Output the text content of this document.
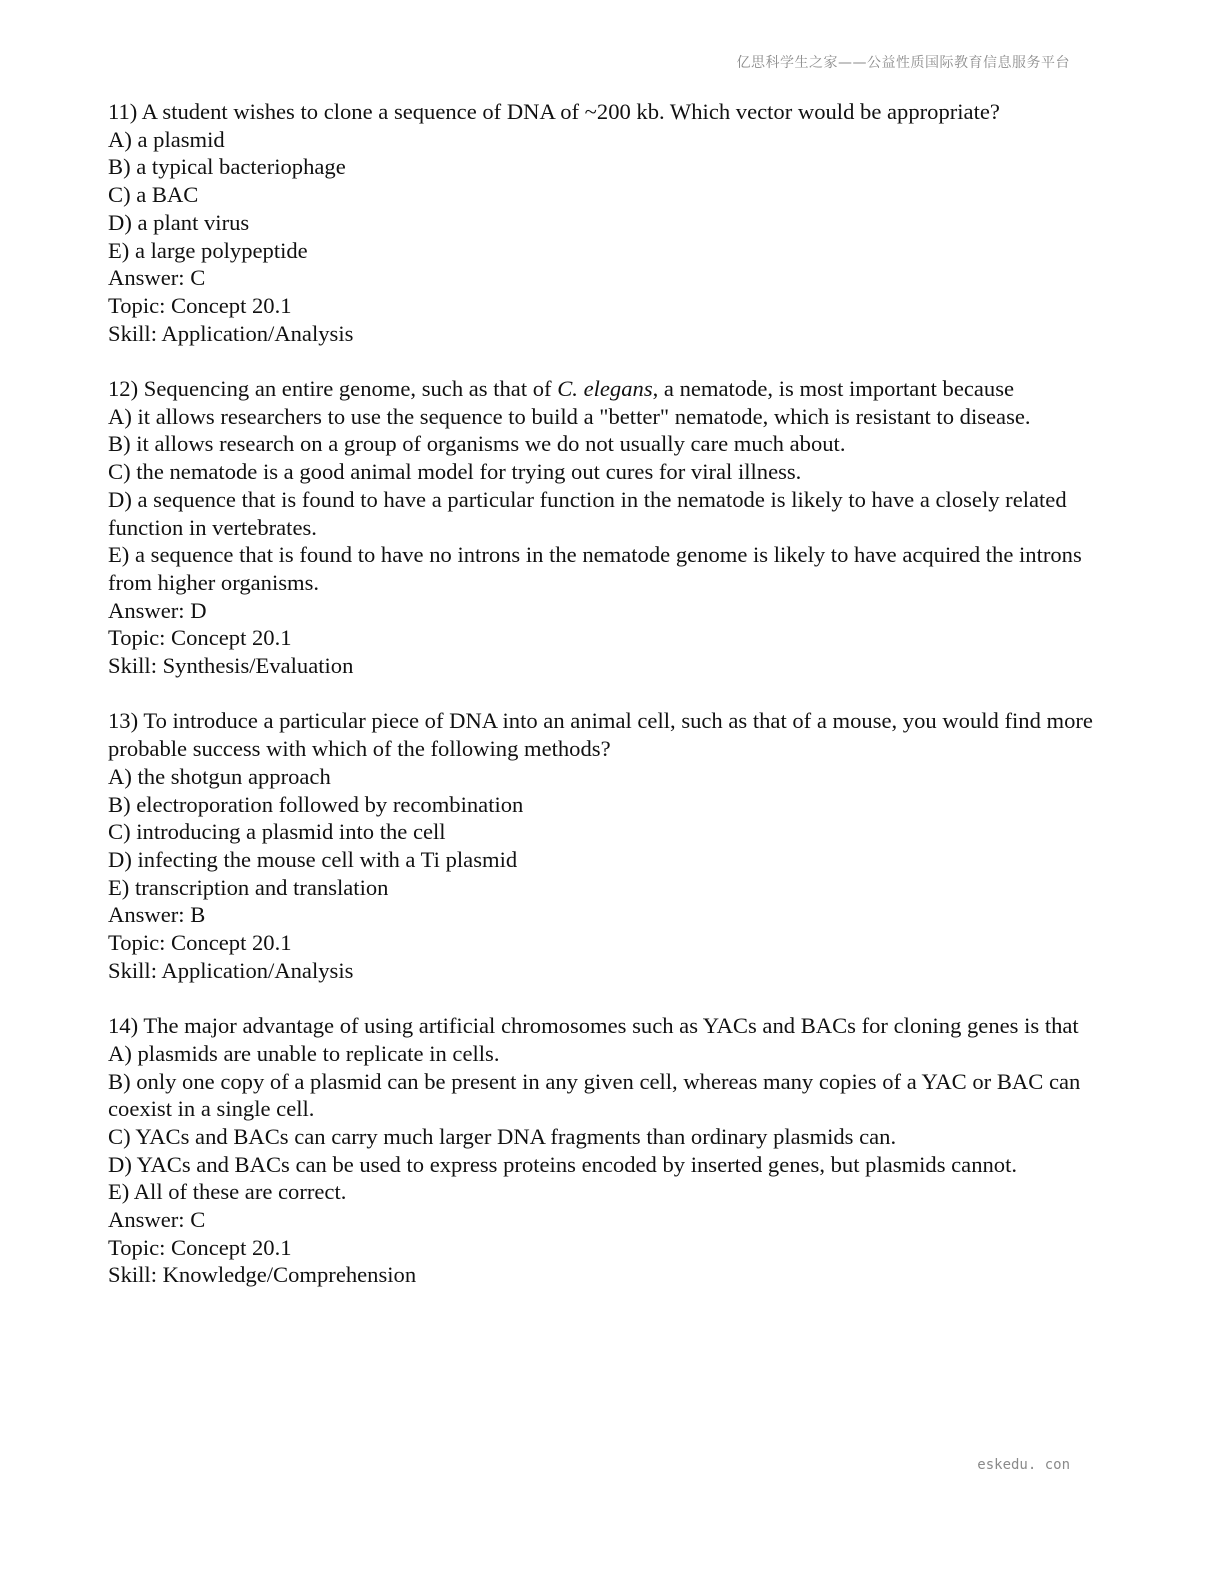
亿思科学生之家——公益性质国际教育信息服务平台
11) A student wishes to clone a sequence of DNA of ~200 kb. Which vector would be appropriate?
A) a plasmid
B) a typical bacteriophage
C) a BAC
D) a plant virus
E) a large polypeptide
Answer: C
Topic: Concept 20.1
Skill: Application/Analysis
12) Sequencing an entire genome, such as that of C. elegans, a nematode, is most important because
A) it allows researchers to use the sequence to build a "better" nematode, which is resistant to disease.
B) it allows research on a group of organisms we do not usually care much about.
C) the nematode is a good animal model for trying out cures for viral illness.
D) a sequence that is found to have a particular function in the nematode is likely to have a closely related function in vertebrates.
E) a sequence that is found to have no introns in the nematode genome is likely to have acquired the introns from higher organisms.
Answer: D
Topic: Concept 20.1
Skill: Synthesis/Evaluation
13) To introduce a particular piece of DNA into an animal cell, such as that of a mouse, you would find more probable success with which of the following methods?
A) the shotgun approach
B) electroporation followed by recombination
C) introducing a plasmid into the cell
D) infecting the mouse cell with a Ti plasmid
E) transcription and translation
Answer: B
Topic: Concept 20.1
Skill: Application/Analysis
14) The major advantage of using artificial chromosomes such as YACs and BACs for cloning genes is that
A) plasmids are unable to replicate in cells.
B) only one copy of a plasmid can be present in any given cell, whereas many copies of a YAC or BAC can coexist in a single cell.
C) YACs and BACs can carry much larger DNA fragments than ordinary plasmids can.
D) YACs and BACs can be used to express proteins encoded by inserted genes, but plasmids cannot.
E) All of these are correct.
Answer: C
Topic: Concept 20.1
Skill: Knowledge/Comprehension
eskedu. con
